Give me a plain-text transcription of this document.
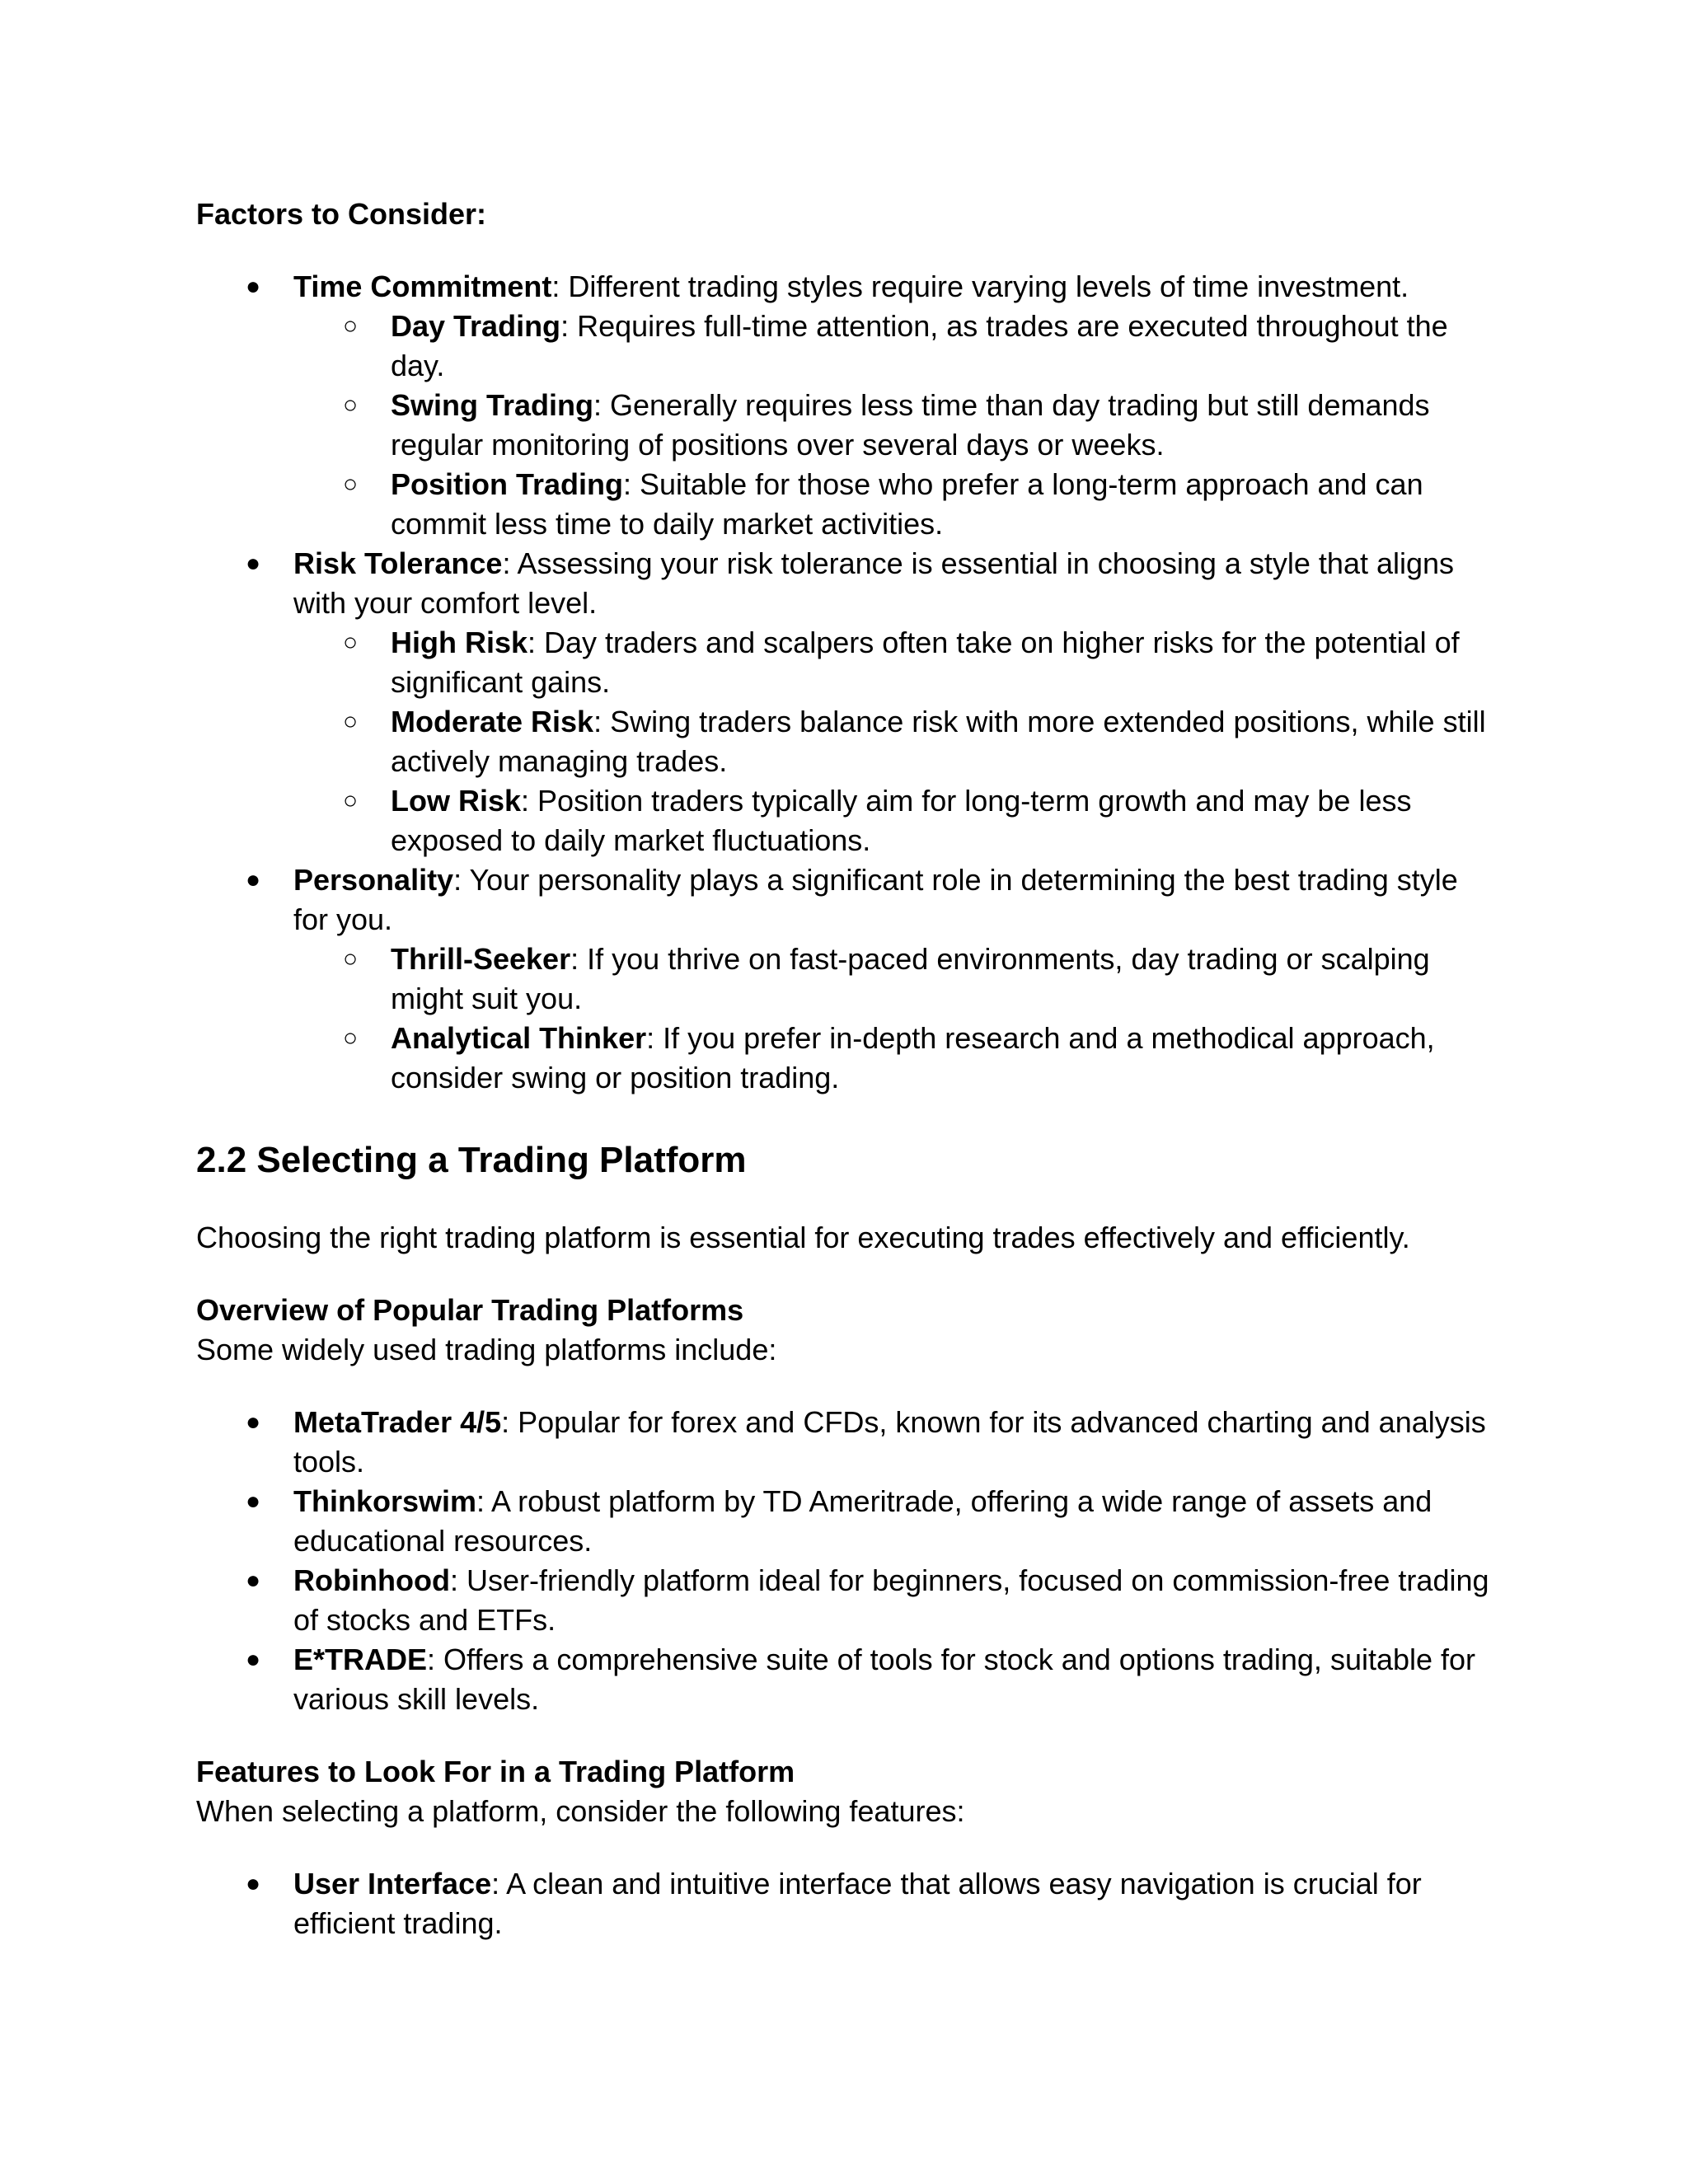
Factors to Consider:

● Time Commitment: Different trading styles require varying levels of time investment.
○ Day Trading: Requires full-time attention, as trades are executed throughout the day.
○ Swing Trading: Generally requires less time than day trading but still demands regular monitoring of positions over several days or weeks.
○ Position Trading: Suitable for those who prefer a long-term approach and can commit less time to daily market activities.
● Risk Tolerance: Assessing your risk tolerance is essential in choosing a style that aligns with your comfort level.
○ High Risk: Day traders and scalpers often take on higher risks for the potential of significant gains.
○ Moderate Risk: Swing traders balance risk with more extended positions, while still actively managing trades.
○ Low Risk: Position traders typically aim for long-term growth and may be less exposed to daily market fluctuations.
● Personality: Your personality plays a significant role in determining the best trading style for you.
○ Thrill-Seeker: If you thrive on fast-paced environments, day trading or scalping might suit you.
○ Analytical Thinker: If you prefer in-depth research and a methodical approach, consider swing or position trading.
2.2 Selecting a Trading Platform

Choosing the right trading platform is essential for executing trades effectively and efficiently.

Overview of Popular Trading Platforms

Some widely used trading platforms include:

● MetaTrader 4/5: Popular for forex and CFDs, known for its advanced charting and analysis tools.
● Thinkorswim: A robust platform by TD Ameritrade, offering a wide range of assets and educational resources.
● Robinhood: User-friendly platform ideal for beginners, focused on commission-free trading of stocks and ETFs.
● E*TRADE: Offers a comprehensive suite of tools for stock and options trading, suitable for various skill levels.

Features to Look For in a Trading Platform

When selecting a platform, consider the following features:

● User Interface: A clean and intuitive interface that allows easy navigation is crucial for efficient trading.
